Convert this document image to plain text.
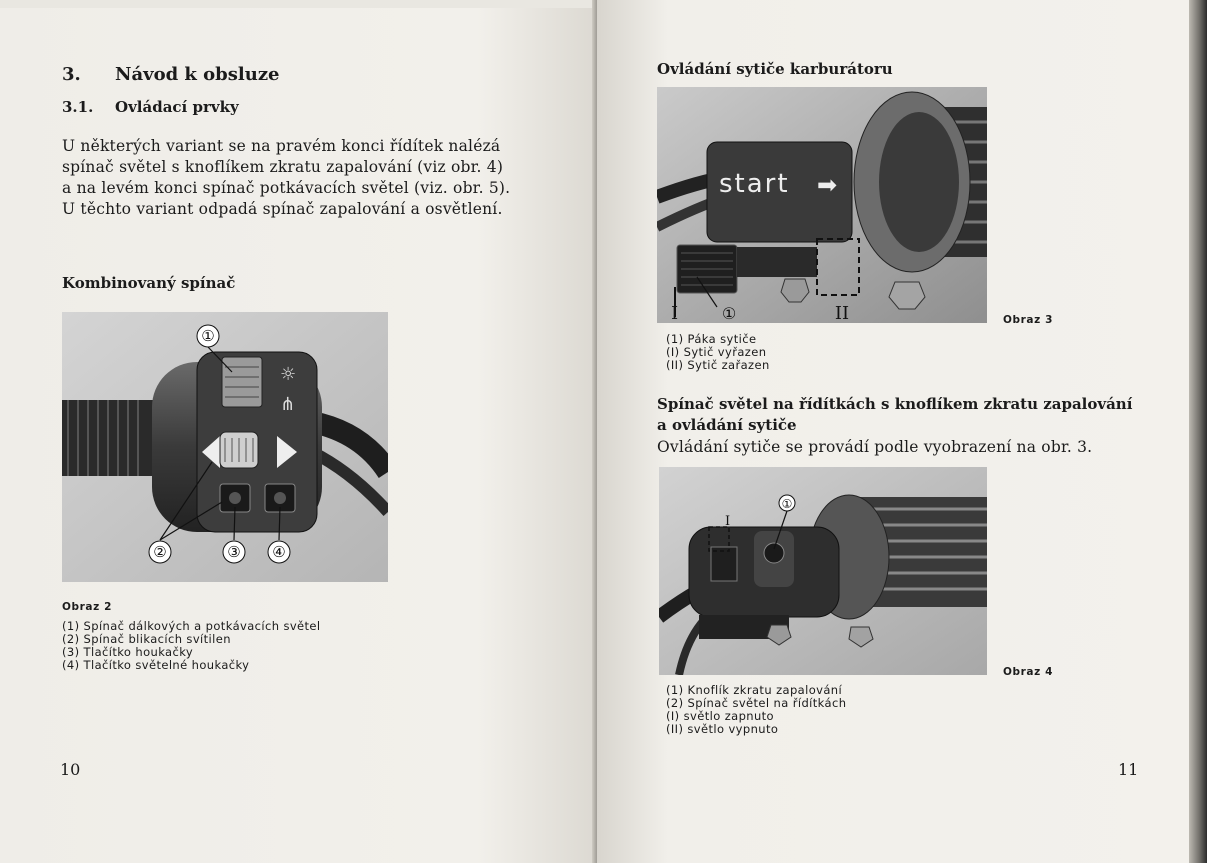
3. Návod k obsluze
3.1. Ovládací prvky
U některých variant se na pravém konci řídítek nalézá
spínač světel s knoflíkem zkratu zapalování (viz obr. 4)
a na levém konci spínač potkávacích světel (viz. obr. 5).
U těchto variant odpadá spínač zapalování a osvětlení.
Kombinovaný spínač
☼
⋔
①
②	③ ④
Obraz 2
(1) Spínač dálkových a potkávacích světel
(2) Spínač blikacích svítilen
(3) Tlačítko houkačky
(4) Tlačítko světelné houkačky
10
Ovládání sytiče karburátoru
start ➡
I	①	II	Obraz 3
(1) Páka sytiče
(I) Sytič vyřazen
(II) Sytič zařazen
Spínač světel na řídítkách s knoflíkem zkratu zapalování
a ovládání sytiče
Ovládání sytiče se provádí podle vyobrazení na obr. 3.
I
①
Obraz 4
(1) Knoflík zkratu zapalování
(2) Spínač světel na řídítkách
(I) světlo zapnuto
(II) světlo vypnuto
11
